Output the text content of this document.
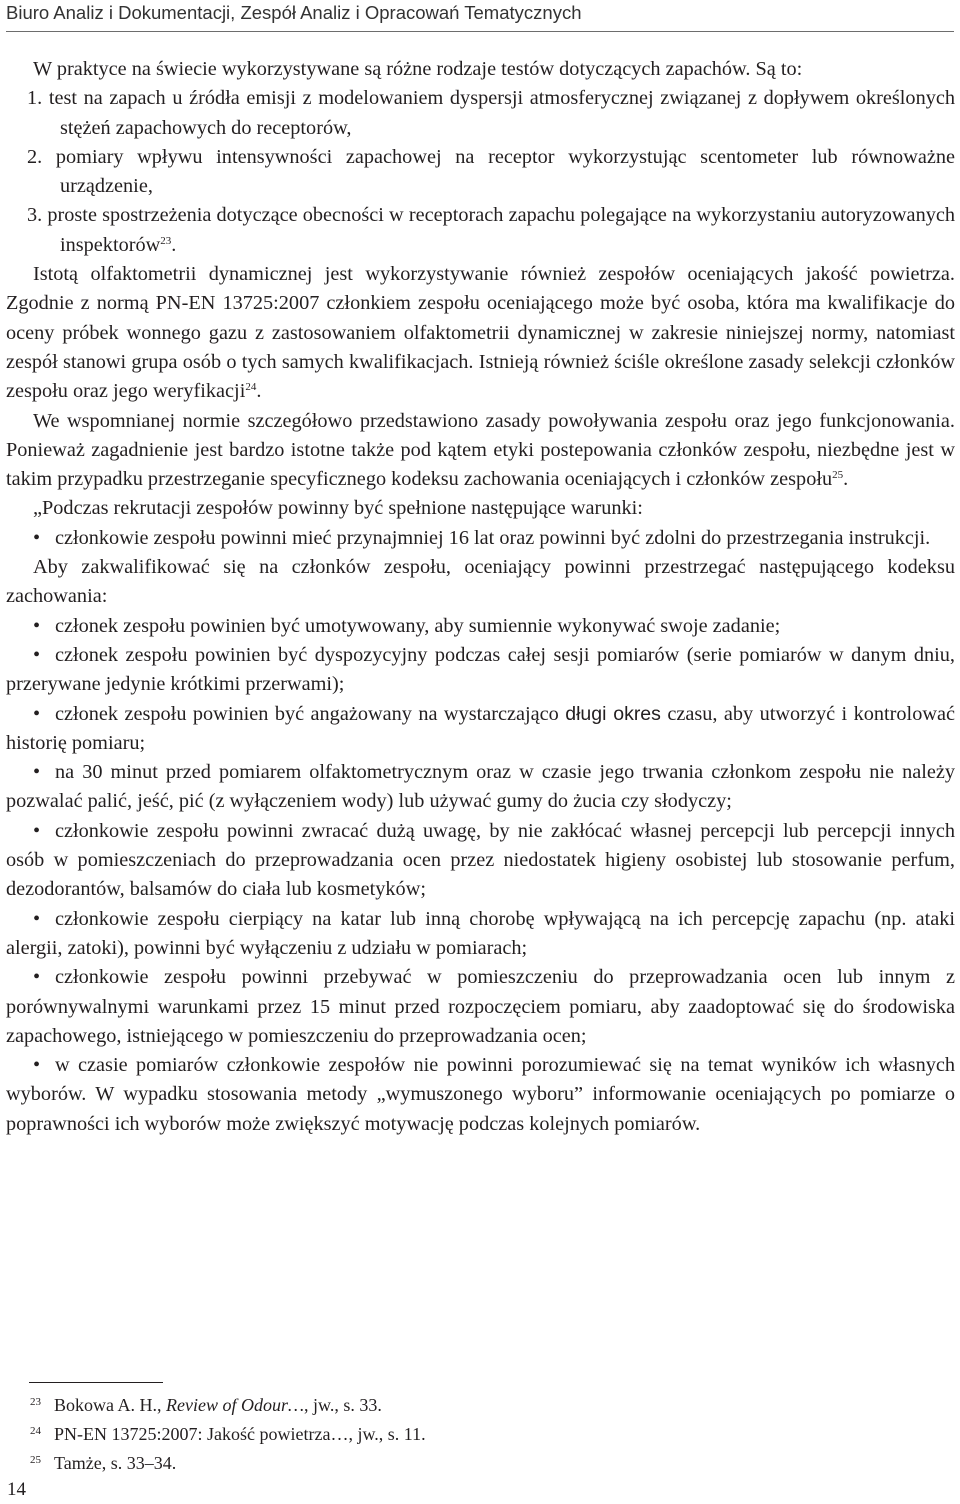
Biuro Analiz i Dokumentacji, Zespół Analiz i Opracowań Tematycznych

W praktyce na świecie wykorzystywane są różne rodzaje testów dotyczących zapachów. Są to:

1. test na zapach u źródła emisji z modelowaniem dyspersji atmosferycznej związanej z dopływem określonych stężeń zapachowych do receptorów,
2. pomiary wpływu intensywności zapachowej na receptor wykorzystując scentometer lub równoważne urządzenie,
3. proste spostrzeżenia dotyczące obecności w receptorach zapachu polegające na wykorzystaniu autoryzowanych inspektorów$^{23}$.

Istotą olfaktometrii dynamicznej jest wykorzystywanie również zespołów oceniających jakość powietrza. Zgodnie z normą PN-EN 13725:2007 członkiem zespołu oceniającego może być osoba, która ma kwalifikacje do oceny próbek wonnego gazu z zastosowaniem olfaktometrii dynamicznej w zakresie niniejszej normy, natomiast zespół stanowi grupa osób o tych samych kwalifikacjach. Istnieją również ściśle określone zasady selekcji członków zespołu oraz jego weryfikacji$^{24}$.

We wspomnianej normie szczegółowo przedstawiono zasady powoływania zespołu oraz jego funkcjonowania. Ponieważ zagadnienie jest bardzo istotne także pod kątem etyki postepowania członków zespołu, niezbędne jest w takim przypadku przestrzeganie specyficznego kodeksu zachowania oceniających i członków zespołu$^{25}$.

„Podczas rekrutacji zespołów powinny być spełnione następujące warunki:

• członkowie zespołu powinni mieć przynajmniej 16 lat oraz powinni być zdolni do przestrzegania instrukcji.

Aby zakwalifikować się na członków zespołu, oceniający powinni przestrzegać następującego kodeksu zachowania:

• członek zespołu powinien być umotywowany, aby sumiennie wykonywać swoje zadanie;

• członek zespołu powinien być dyspozycyjny podczas całej sesji pomiarów (serie pomiarów w danym dniu, przerywane jedynie krótkimi przerwami);

• członek zespołu powinien być angażowany na wystarczająco długi okres czasu, aby utworzyć i kontrolować historię pomiaru;

• na 30 minut przed pomiarem olfaktometrycznym oraz w czasie jego trwania członkom zespołu nie należy pozwalać palić, jeść, pić (z wyłączeniem wody) lub używać gumy do żucia czy słodyczy;

• członkowie zespołu powinni zwracać dużą uwagę, by nie zakłócać własnej percepcji lub percepcji innych osób w pomieszczeniach do przeprowadzania ocen przez niedostatek higieny osobistej lub stosowanie perfum, dezodorantów, balsamów do ciała lub kosmetyków;

• członkowie zespołu cierpiący na katar lub inną chorobę wpływającą na ich percepcję zapachu (np. ataki alergii, zatoki), powinni być wyłączeniu z udziału w pomiarach;

• członkowie zespołu powinni przebywać w pomieszczeniu do przeprowadzania ocen lub innym z porównywalnymi warunkami przez 15 minut przed rozpoczęciem pomiaru, aby zaadoptować się do środowiska zapachowego, istniejącego w pomieszczeniu do przeprowadzania ocen;

• w czasie pomiarów członkowie zespołów nie powinni porozumiewać się na temat wyników ich własnych wyborów. W wypadku stosowania metody „wymuszonego wyboru” informowanie oceniających po pomiarze o poprawności ich wyborów może zwiększyć motywację podczas kolejnych pomiarów.

23 Bokowa A. H., Review of Odour…, jw., s. 33.
24 PN-EN 13725:2007: Jakość powietrza…, jw., s. 11.
25 Tamże, s. 33–34.
14
